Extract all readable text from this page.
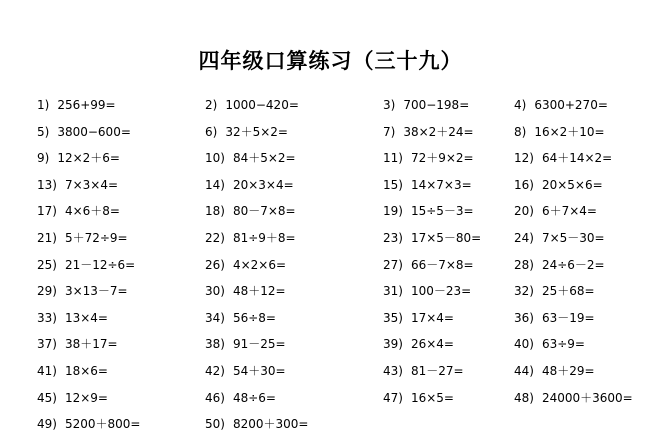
四年级口算练习（三十九）
1) 256+99=	2) 1000−420=	3) 700−198=	4) 6300+270=
5) 3800−600=	6) 32＋5×2=	7) 38×2＋24=	8) 16×2＋10=
9) 12×2＋6=	10) 84＋5×2=	11) 72＋9×2=	12) 64＋14×2=
13) 7×3×4=	14) 20×3×4=	15) 14×7×3=	16) 20×5×6=
17) 4×6＋8=	18) 80－7×8=	19) 15÷5－3=	20) 6＋7×4=
21) 5＋72÷9=	22) 81÷9＋8=	23) 17×5－80=	24) 7×5－30=
25) 21－12÷6=	26) 4×2×6=	27) 66－7×8=	28) 24÷6－2=
29) 3×13－7=	30) 48＋12=	31) 100－23=	32) 25＋68=
33) 13×4=	34) 56÷8=	35) 17×4=	36) 63－19=
37) 38＋17=	38) 91－25=	39) 26×4=	40) 63÷9=
41) 18×6=	42) 54＋30=	43) 81－27=	44) 48＋29=
45) 12×9=	46) 48÷6=	47) 16×5=	48) 24000＋3600=
49) 5200＋800=	50) 8200＋300=
